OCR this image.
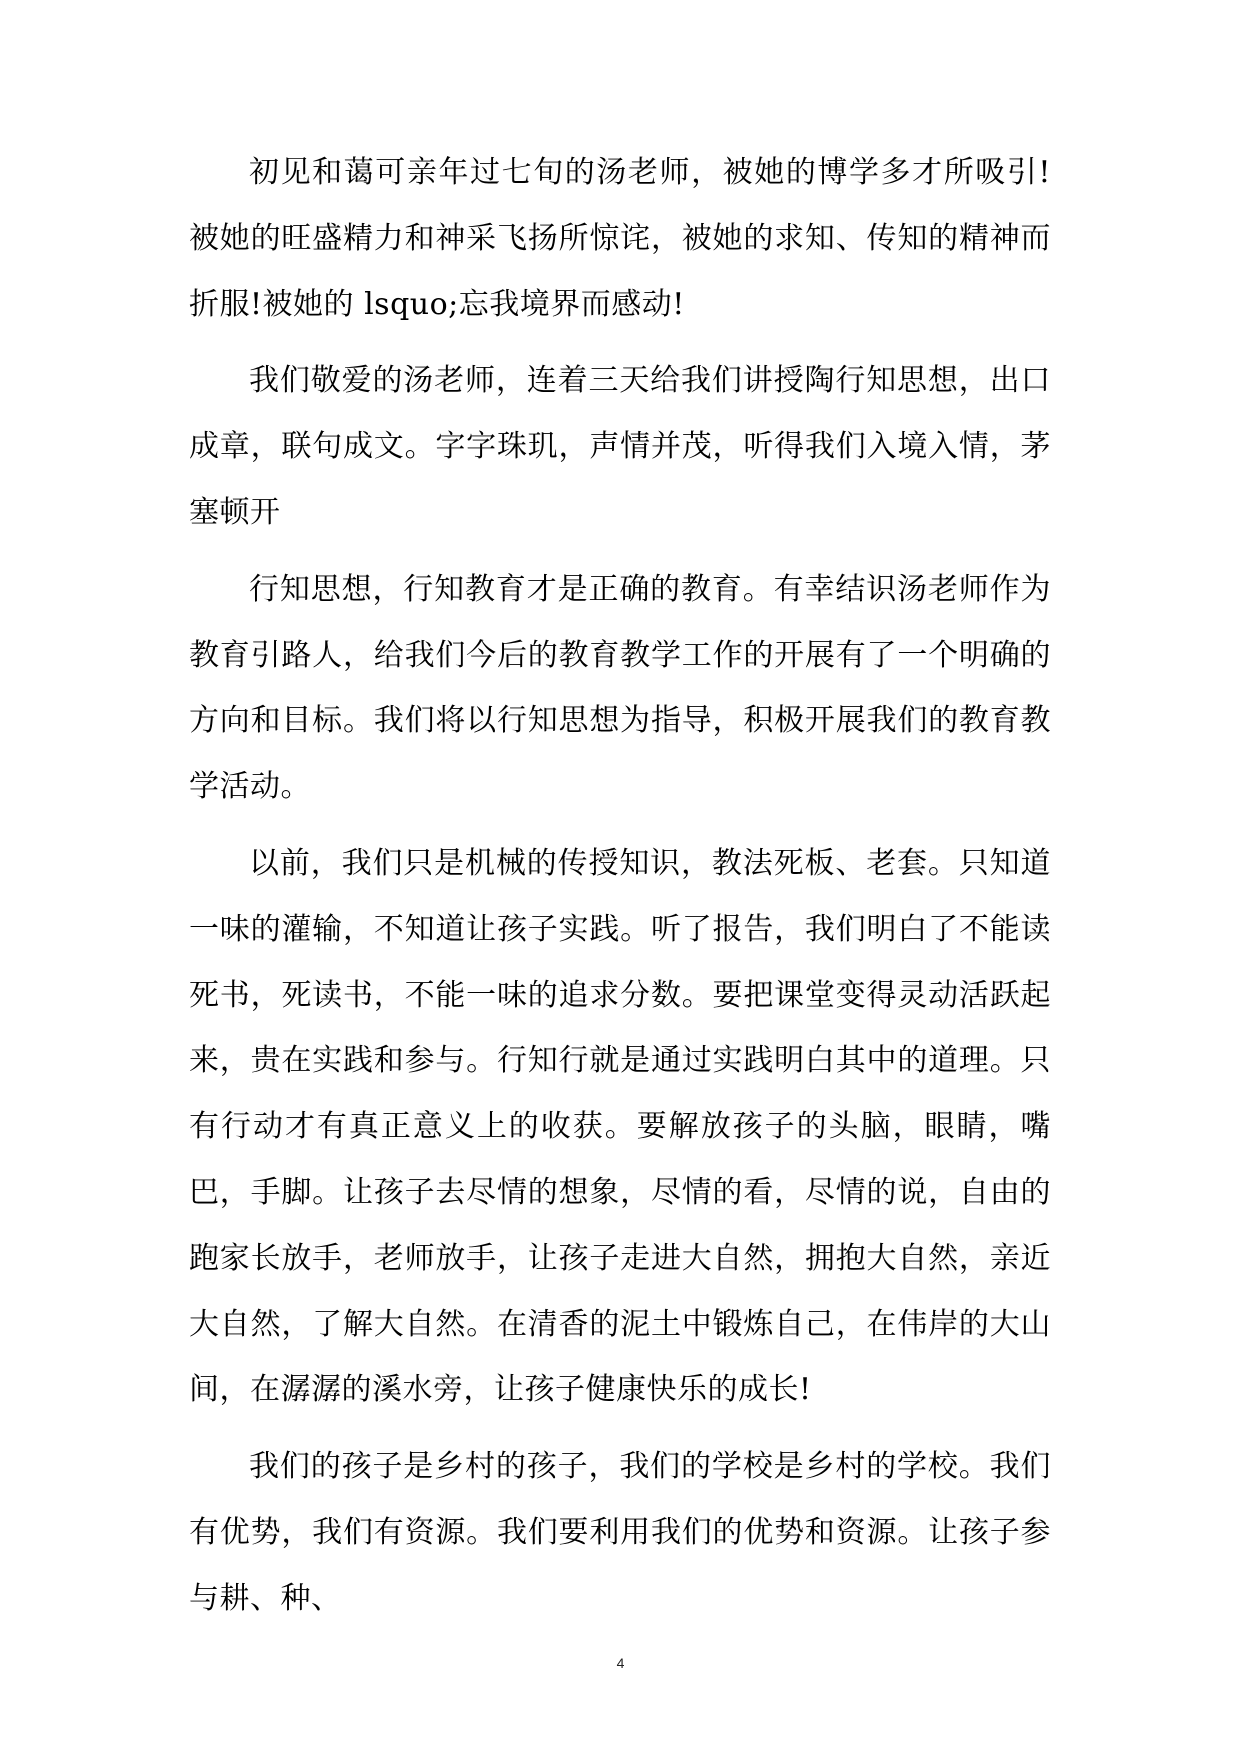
初见和蔼可亲年过七旬的汤老师，被她的博学多才所吸引!被她的旺盛精力和神采飞扬所惊诧，被她的求知、传知的精神而折服!被她的 lsquo;忘我境界而感动!

我们敬爱的汤老师，连着三天给我们讲授陶行知思想，出口成章，联句成文。字字珠玑，声情并茂，听得我们入境入情，茅塞顿开

行知思想，行知教育才是正确的教育。有幸结识汤老师作为教育引路人，给我们今后的教育教学工作的开展有了一个明确的方向和目标。我们将以行知思想为指导，积极开展我们的教育教学活动。

以前，我们只是机械的传授知识，教法死板、老套。只知道一味的灌输，不知道让孩子实践。听了报告，我们明白了不能读死书，死读书，不能一味的追求分数。要把课堂变得灵动活跃起来，贵在实践和参与。行知行就是通过实践明白其中的道理。只有行动才有真正意义上的收获。要解放孩子的头脑，眼睛，嘴巴，手脚。让孩子去尽情的想象，尽情的看，尽情的说，自由的跑家长放手，老师放手，让孩子走进大自然，拥抱大自然，亲近大自然，了解大自然。在清香的泥土中锻炼自己，在伟岸的大山间，在潺潺的溪水旁，让孩子健康快乐的成长!

我们的孩子是乡村的孩子，我们的学校是乡村的学校。我们有优势，我们有资源。我们要利用我们的优势和资源。让孩子参与耕、种、

4
